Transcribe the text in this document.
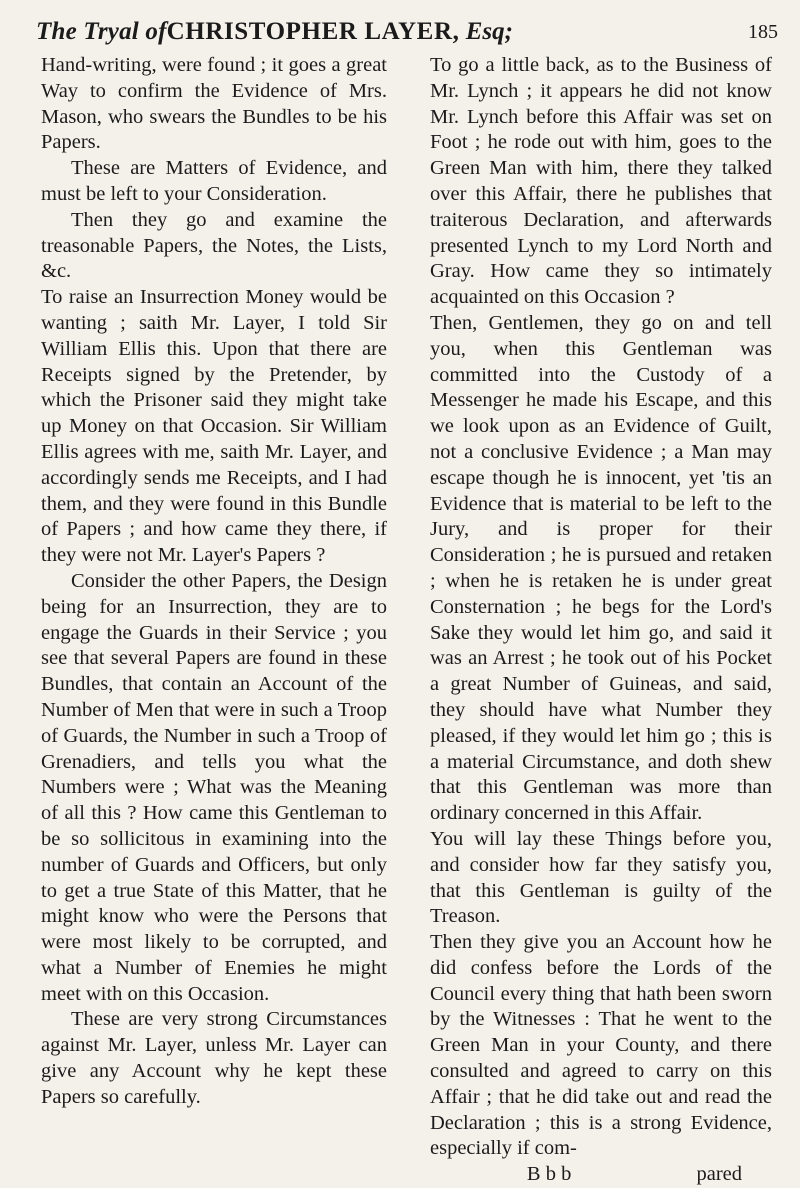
The Tryal ofCHRISTOPHER LAYER, Esq;	185

Hand-writing, were found ; it goes a great Way to confirm the Evidence of Mrs. Mason, who swears the Bundles to be his Papers.

These are Matters of Evidence, and must be left to your Consideration.

Then they go and examine the treasonable Papers, the Notes, the Lists, &c.

To raise an Insurrection Money would be wanting ; saith Mr. Layer, I told Sir William Ellis this. Upon that there are Receipts signed by the Pretender, by which the Prisoner said they might take up Money on that Occasion. Sir William Ellis agrees with me, saith Mr. Layer, and accordingly sends me Receipts, and I had them, and they were found in this Bundle of Papers ; and how came they there, if they were not Mr. Layer's Papers ?

Consider the other Papers, the Design being for an Insurrection, they are to engage the Guards in their Service ; you see that several Papers are found in these Bundles, that contain an Account of the Number of Men that were in such a Troop of Guards, the Number in such a Troop of Grenadiers, and tells you what the Numbers were ; What was the Meaning of all this ? How came this Gentleman to be so sollicitous in examining into the number of Guards and Officers, but only to get a true State of this Matter, that he might know who were the Persons that were most likely to be corrupted, and what a Number of Enemies he might meet with on this Occasion.

These are very strong Circumstances against Mr. Layer, unless Mr. Layer can give any Account why he kept these Papers so carefully.

To go a little back, as to the Business of Mr. Lynch ; it appears he did not know Mr. Lynch before this Affair was set on Foot ; he rode out with him, goes to the Green Man with him, there they talked over this Affair, there he publishes that traiterous Declaration, and afterwards presented Lynch to my Lord North and Gray. How came they so intimately acquainted on this Occasion ?

Then, Gentlemen, they go on and tell you, when this Gentleman was committed into the Custody of a Messenger he made his Escape, and this we look upon as an Evidence of Guilt, not a conclusive Evidence ; a Man may escape though he is innocent, yet 'tis an Evidence that is material to be left to the Jury, and is proper for their Consideration ; he is pursued and retaken ; when he is retaken he is under great Consternation ; he begs for the Lord's Sake they would let him go, and said it was an Arrest ; he took out of his Pocket a great Number of Guineas, and said, they should have what Number they pleased, if they would let him go ; this is a material Circumstance, and doth shew that this Gentleman was more than ordinary concerned in this Affair.

You will lay these Things before you, and consider how far they satisfy you, that this Gentleman is guilty of the Treason.

Then they give you an Account how he did confess before the Lords of the Council every thing that hath been sworn by the Witnesses : That he went to the Green Man in your County, and there consulted and agreed to carry on this Affair ; that he did take out and read the Declaration ; this is a strong Evidence, especially if com-

B b b	pared
